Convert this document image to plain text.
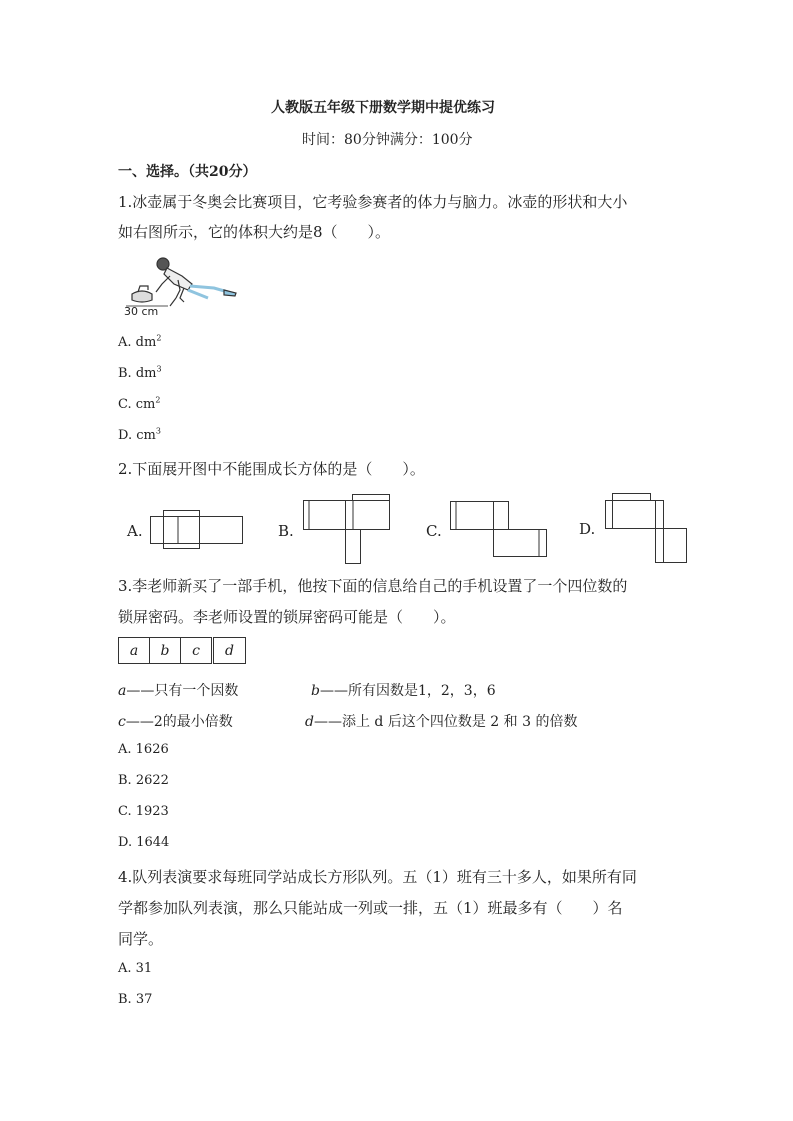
人教版五年级下册数学期中提优练习
时间：80分钟满分：100分
一、选择。（共20分）
1.冰壶属于冬奥会比赛项目，它考验参赛者的体力与脑力。冰壶的形状和大小
如右图所示，它的体积大约是8（　　）。
30 cm
A. $dm^2$
B. $dm^3$
C. $cm^2$
D. $cm^3$
2.下面展开图中不能围成长方体的是（　　）。
A.	B.	C.	D.
3.李老师新买了一部手机，他按下面的信息给自己的手机设置了一个四位数的
锁屏密码。李老师设置的锁屏密码可能是（　　）。
a	b	c	d
a——只有一个因数	b——所有因数是1，2，3，6
c——2的最小倍数	d——添上 d 后这个四位数是 2 和 3 的倍数
A. 1626
B. 2622
C. 1923
D. 1644
4.队列表演要求每班同学站成长方形队列。五（1）班有三十多人，如果所有同
学都参加队列表演，那么只能站成一列或一排，五（1）班最多有（　　）名
同学。
A. 31
B. 37
